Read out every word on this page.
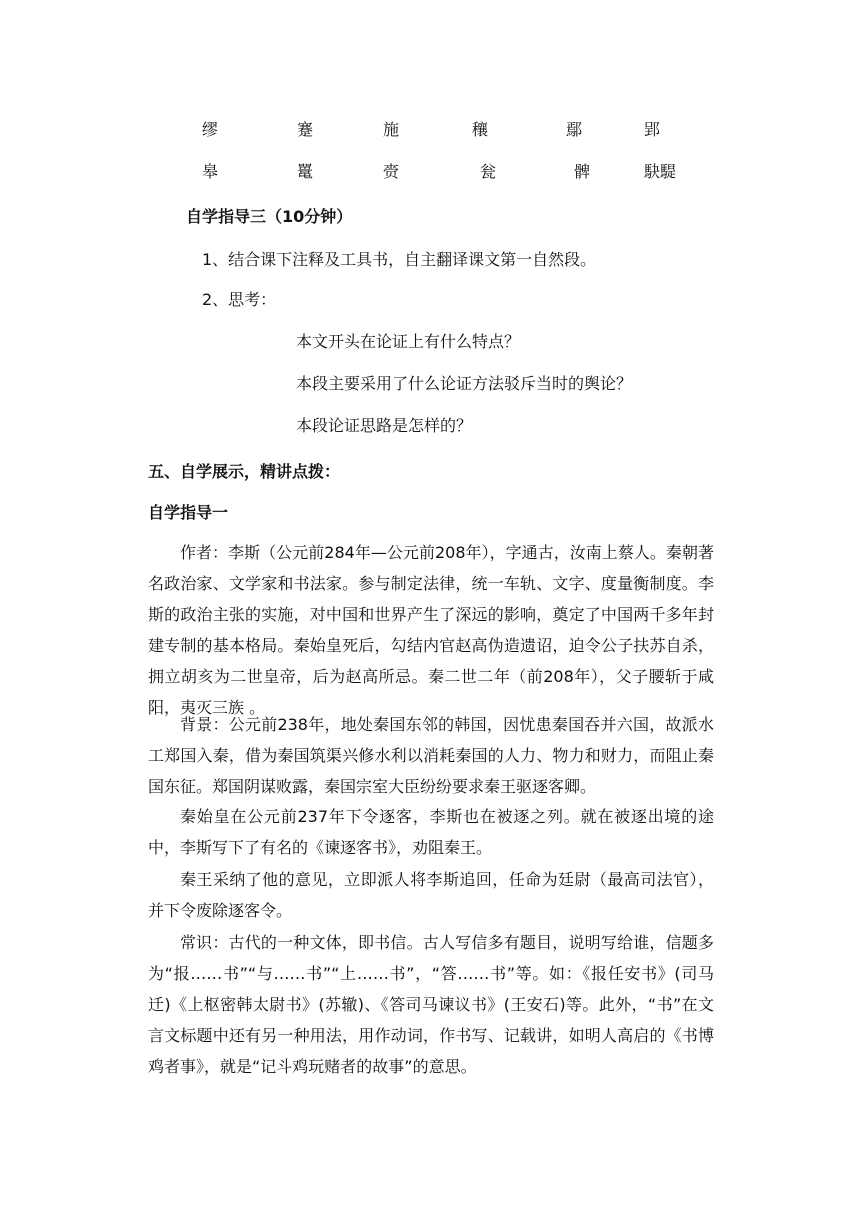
缪	蹇	施	穰	鄢	郢
皋	鼍	赍	瓮	髀	駃騠
自学指导三（10分钟）
1、结合课下注释及工具书，自主翻译课文第一自然段。
2、思考：
本文开头在论证上有什么特点？
本段主要采用了什么论证方法驳斥当时的舆论？
本段论证思路是怎样的？
五、自学展示，精讲点拨：
自学指导一

作者：李斯（公元前284年—公元前208年），字通古，汝南上蔡人。秦朝著名政治家、文学家和书法家。参与制定法律，统一车轨、文字、度量衡制度。李斯的政治主张的实施，对中国和世界产生了深远的影响，奠定了中国两千多年封建专制的基本格局。秦始皇死后，勾结内官赵高伪造遗诏，迫令公子扶苏自杀，拥立胡亥为二世皇帝，后为赵高所忌。秦二世二年（前208年），父子腰斩于咸阳，夷灭三族 。

背景：公元前238年，地处秦国东邻的韩国，因忧患秦国吞并六国，故派水工郑国入秦，借为秦国筑渠兴修水利以消耗秦国的人力、物力和财力，而阻止秦国东征。郑国阴谋败露，秦国宗室大臣纷纷要求秦王驱逐客卿。

秦始皇在公元前237年下令逐客，李斯也在被逐之列。就在被逐出境的途中，李斯写下了有名的《谏逐客书》，劝阻秦王。

秦王采纳了他的意见，立即派人将李斯追回，任命为廷尉（最高司法官），并下令废除逐客令。

常识：古代的一种文体，即书信。古人写信多有题目，说明写给谁，信题多为“报……书”“与……书”“上……书”，“答……书”等。如：《报任安书》(司马迁)《上枢密韩太尉书》(苏辙)、《答司马谏议书》(王安石)等。此外，“书”在文言文标题中还有另一种用法，用作动词，作书写、记载讲，如明人高启的《书博鸡者事》，就是“记斗鸡玩赌者的故事”的意思。
